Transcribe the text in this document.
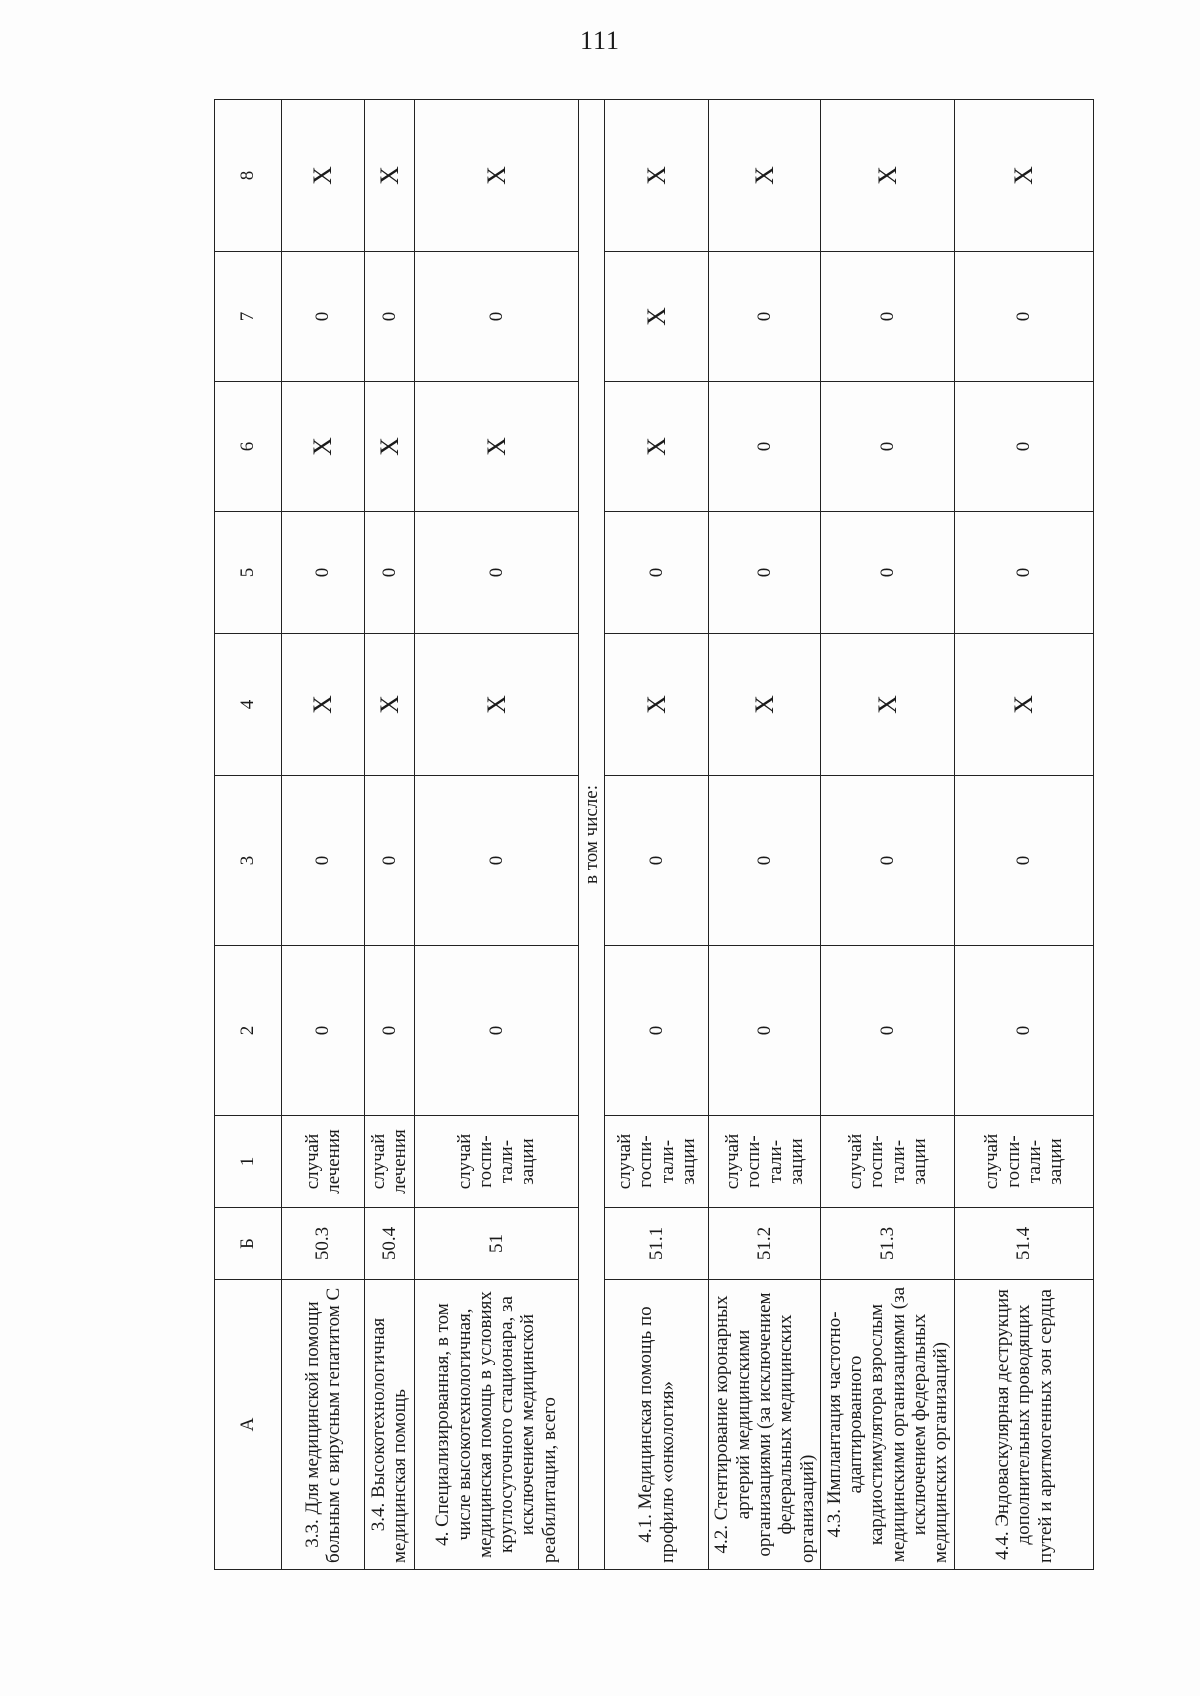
111
А	Б	1	2	3	4	5	6	7	8
3.3. Для медицинской помощи больным с вирусным гепатитом С	50.3	случай лечения	0	0	X	0	X	0	X
3.4. Высокотехнологичная медицинская помощь	50.4	случай лечения	0	0	X	0	X	0	X
4. Специализированная, в том числе высокотехнологичная, медицинская помощь в условиях круглосуточного стационара, за исключением медицинской реабилитации, всего	51	случай госпи-тали-зации	0	0	X	0	X	0	X
в том числе:									
4.1. Медицинская помощь по профилю «онкология»	51.1	случай госпи-тали-зации	0	0	X	0	X	X	X
4.2. Стентирование коронарных артерий медицинскими организациями (за исключением федеральных медицинских организаций)	51.2	случай госпи-тали-зации	0	0	X	0	0	0	X
4.3. Имплантация частотно-адаптированного кардиостимулятора взрослым медицинскими организациями (за исключением федеральных медицинских организаций)	51.3	случай госпи-тали-зации	0	0	X	0	0	0	X
4.4. Эндоваскулярная деструкция дополнительных проводящих путей и аритмогенных зон сердца	51.4	случай госпи-тали-зации	0	0	X	0	0	0	X
